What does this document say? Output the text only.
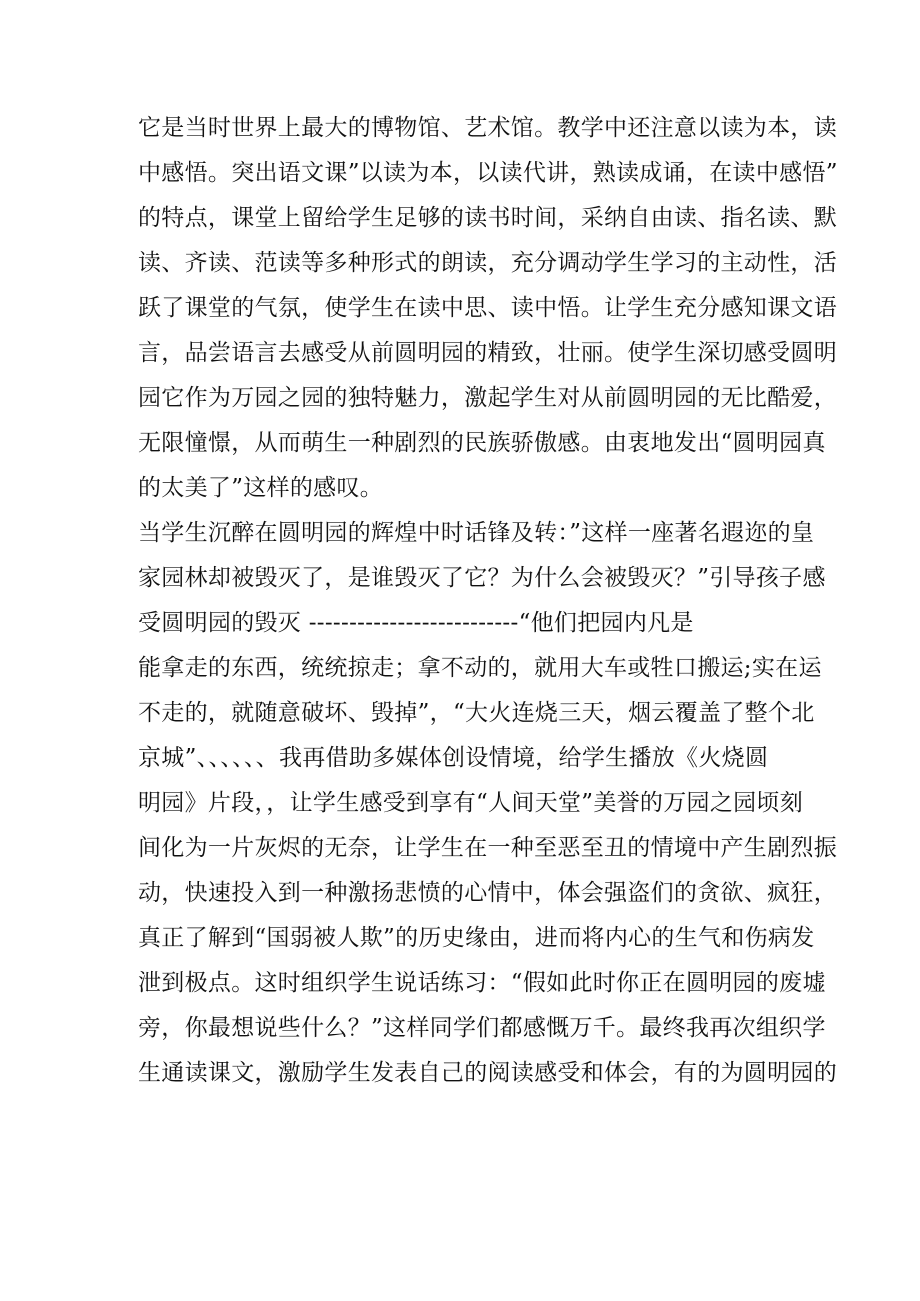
它是当时世界上最大的博物馆、艺术馆。教学中还注意以读为本，读
中感悟。突出语文课”以读为本，以读代讲，熟读成诵，在读中感悟”
的特点，课堂上留给学生足够的读书时间，采纳自由读、指名读、默
读、齐读、范读等多种形式的朗读，充分调动学生学习的主动性，活
跃了课堂的气氛，使学生在读中思、读中悟。让学生充分感知课文语
言，品尝语言去感受从前圆明园的精致，壮丽。使学生深切感受圆明
园它作为万园之园的独特魅力，激起学生对从前圆明园的无比酷爱，
无限憧憬，从而萌生一种剧烈的民族骄傲感。由衷地发出“圆明园真
的太美了”这样的感叹。
当学生沉醉在圆明园的辉煌中时话锋及转：”这样一座著名遐迩的皇
家园林却被毁灭了，是谁毁灭了它？为什么会被毁灭？”引导孩子感
受圆明园的毁灭 --------------------------“他们把园内凡是
能拿走的东西，统统掠走；拿不动的，就用大车或牲口搬运;实在运
不走的，就随意破坏、毁掉”，“大火连烧三天，烟云覆盖了整个北
京城”、、、、、、我再借助多媒体创设情境，给学生播放《火烧圆
明园》片段，，让学生感受到享有“人间天堂”美誉的万园之园顷刻
间化为一片灰烬的无奈，让学生在一种至恶至丑的情境中产生剧烈振
动，快速投入到一种激扬悲愤的心情中，体会强盗们的贪欲、疯狂，
真正了解到“国弱被人欺”的历史缘由，进而将内心的生气和伤病发
泄到极点。这时组织学生说话练习：“假如此时你正在圆明园的废墟
旁，你最想说些什么？”这样同学们都感慨万千。最终我再次组织学
生通读课文，激励学生发表自己的阅读感受和体会，有的为圆明园的
